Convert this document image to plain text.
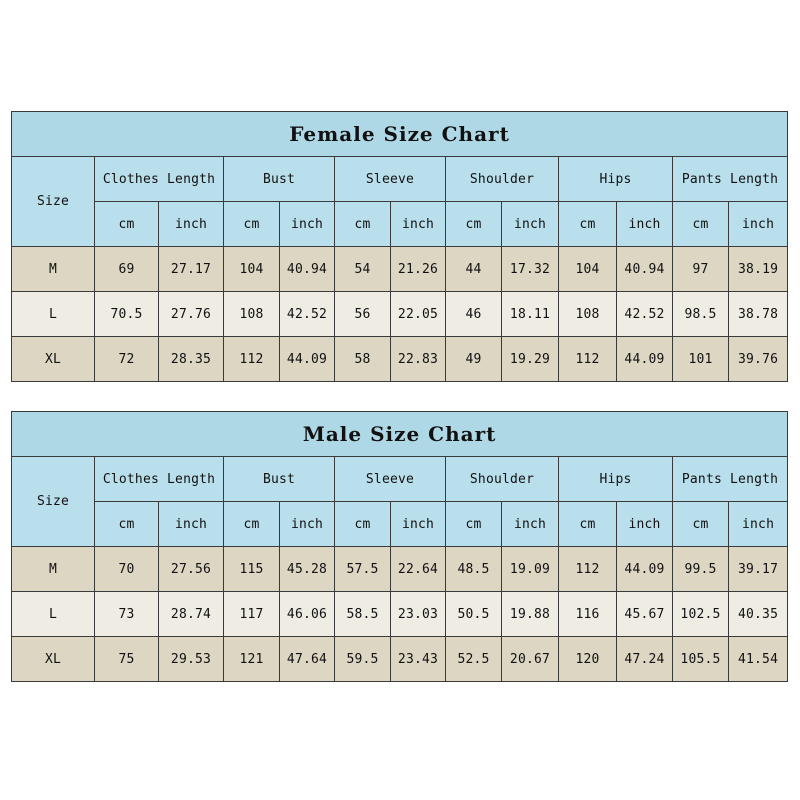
Female Size Chart												
Size	Clothes Length		Bust		Sleeve		Shoulder		Hips		Pants Length	
	cm	inch	cm	inch	cm	inch	cm	inch	cm	inch	cm	inch
M	69	27.17	104	40.94	54	21.26	44	17.32	104	40.94	97	38.19
L	70.5	27.76	108	42.52	56	22.05	46	18.11	108	42.52	98.5	38.78
XL	72	28.35	112	44.09	58	22.83	49	19.29	112	44.09	101	39.76
Male Size Chart												
Size	Clothes Length		Bust		Sleeve		Shoulder		Hips		Pants Length	
	cm	inch	cm	inch	cm	inch	cm	inch	cm	inch	cm	inch
M	70	27.56	115	45.28	57.5	22.64	48.5	19.09	112	44.09	99.5	39.17
L	73	28.74	117	46.06	58.5	23.03	50.5	19.88	116	45.67	102.5	40.35
XL	75	29.53	121	47.64	59.5	23.43	52.5	20.67	120	47.24	105.5	41.54
